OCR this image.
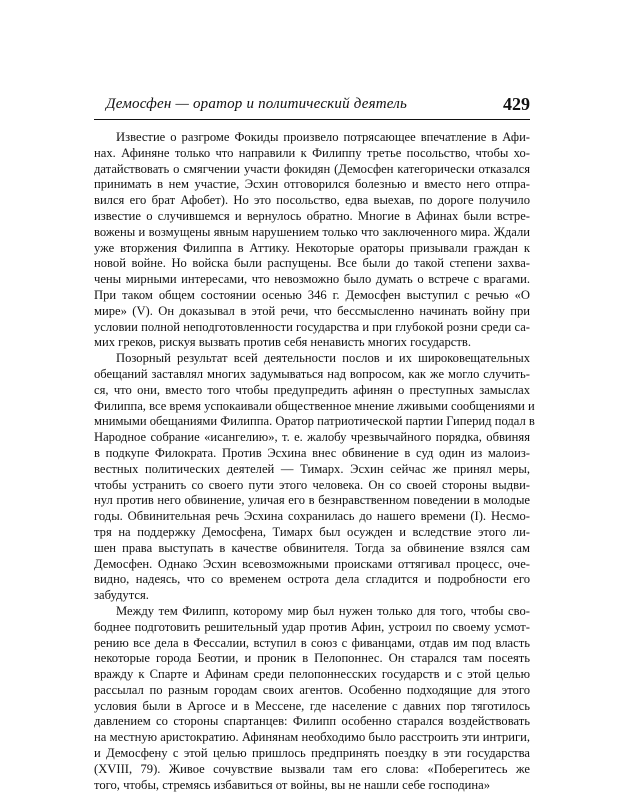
Демосфен — оратор и политический деятель	429
Известие о разгроме Фокиды произвело потрясающее впечатление в Афи-
нах. Афиняне только что направили к Филиппу третье посольство, чтобы хо-
датайствовать о смягчении участи фокидян (Демосфен категорически отказался
принимать в нем участие, Эсхин отговорился болезнью и вместо него отпра-
вился его брат Афобет). Но это посольство, едва выехав, по дороге получило
известие о случившемся и вернулось обратно. Многие в Афинах были встре-
вожены и возмущены явным нарушением только что заключенного мира. Ждали
уже вторжения Филиппа в Аттику. Некоторые ораторы призывали граждан к
новой войне. Но войска были распущены. Все были до такой степени захва-
чены мирными интересами, что невозможно было думать о встрече с врагами.
При таком общем состоянии осенью 346 г. Демосфен выступил с речью «О
мире» (V). Он доказывал в этой речи, что бессмысленно начинать войну при
условии полной неподготовленности государства и при глубокой розни среди са-
мих греков, рискуя вызвать против себя ненависть многих государств.
Позорный результат всей деятельности послов и их широковещательных
обещаний заставлял многих задумываться над вопросом, как же могло случить-
ся, что они, вместо того чтобы предупредить афинян о преступных замыслах
Филиппа, все время успокаивали общественное мнение лживыми сообщениями и
мнимыми обещаниями Филиппа. Оратор патриотической партии Гиперид подал в
Народное собрание «исангелию», т. е. жалобу чрезвычайного порядка, обвиняя
в подкупе Филократа. Против Эсхина внес обвинение в суд один из малоиз-
вестных политических деятелей — Тимарх. Эсхин сейчас же принял меры,
чтобы устранить со своего пути этого человека. Он со своей стороны выдви-
нул против него обвинение, уличая его в безнравственном поведении в молодые
годы. Обвинительная речь Эсхина сохранилась до нашего времени (I). Несмо-
тря на поддержку Демосфена, Тимарх был осужден и вследствие этого ли-
шен права выступать в качестве обвинителя. Тогда за обвинение взялся сам
Демосфен. Однако Эсхин всевозможными происками оттягивал процесс, оче-
видно, надеясь, что со временем острота дела сгладится и подробности его
забудутся.
Между тем Филипп, которому мир был нужен только для того, чтобы сво-
боднее подготовить решительный удар против Афин, устроил по своему усмот-
рению все дела в Фессалии, вступил в союз с фиванцами, отдав им под власть
некоторые города Беотии, и проник в Пелопоннес. Он старался там посеять
вражду к Спарте и Афинам среди пелопоннесских государств и с этой целью
рассылал по разным городам своих агентов. Особенно подходящие для этого
условия были в Аргосе и в Мессене, где население с давних пор тяготилось
давлением со стороны спартанцев: Филипп особенно старался воздействовать
на местную аристократию. Афинянам необходимо было расстроить эти интриги,
и Демосфену с этой целью пришлось предпринять поездку в эти государства
(XVIII, 79). Живое сочувствие вызвали там его слова: «Поберегитесь же
того, чтобы, стремясь избавиться от войны, вы не нашли себе господина»
